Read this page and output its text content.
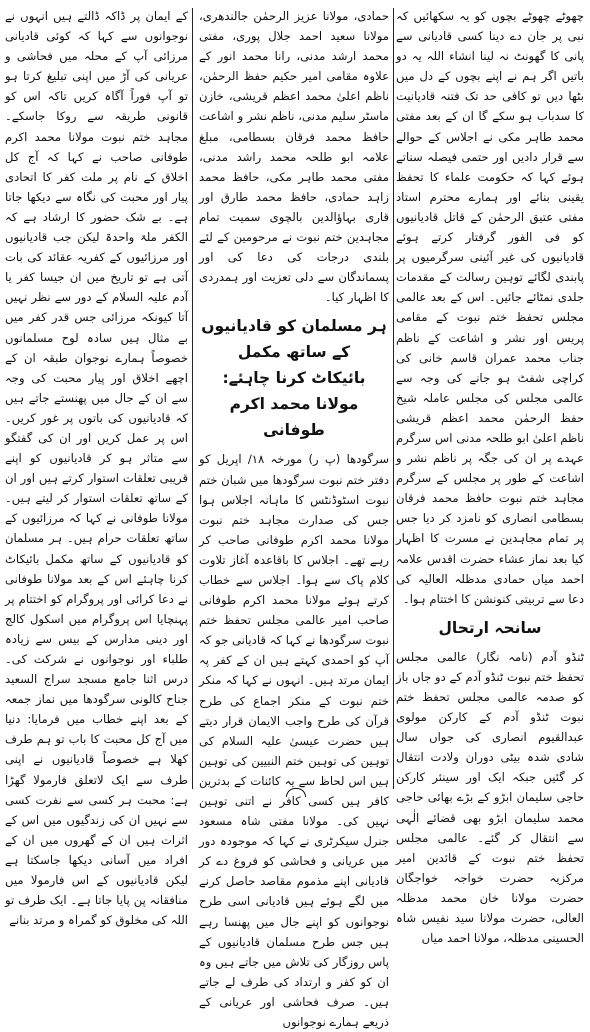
چھوٹے چھوٹے بچوں کو یہ سکھائیں کہ نبی پر جان دے دینا کسی قادیانی سے پانی کا گھونٹ نہ لینا انشاء اللہ یہ دو باتیں اگر ہم نے اپنے بچوں کے دل میں بٹھا دیں تو کافی حد تک فتنہ قادیانیت کا سدباب ہو سکے گا ان کے بعد مفتی محمد طاہر مکی نے اجلاس کے حوالے سے قرار دادیں اور حتمی فیصلہ سناتے ہوئے کہا کہ حکومت علماء کا تحفظ یقینی بنائے اور ہمارے محترم استاد مفتی عتیق الرحمٰن کے قاتل قادیانیوں کو فی الفور گرفتار کرتے ہوئے قادیانیوں کی غیر آئینی سرگرمیوں پر پابندی لگائے توہین رسالت کے مقدمات جلدی نمٹائے جائیں۔ اس کے بعد عالمی مجلس تحفظ ختم نبوت کے مقامی پریس اور نشر و اشاعت کے ناظم جناب محمد عمران قاسم خانی کی کراچی شفٹ ہو جانے کی وجہ سے عالمی مجلس کی مجلس عاملہ شیخ حفظ الرحمٰن محمد اعظم قریشی ناظم اعلیٰ ابو طلحہ مدنی اس سرگرم عہدے پر ان کی جگہ پر ناظم نشر و اشاعت کے طور پر مجلس کے سرگرم مجاہد ختم نبوت حافظ محمد فرقان بسطامی انصاری کو نامزد کر دیا جس پر تمام مجاہدین نے مسرت کا اظہار کیا بعد نماز عشاء حضرت اقدس علامہ احمد میاں حمادی مدظلہ العالیہ کی دعا سے تربیتی کنونشن کا اختتام ہوا۔

سانحہ ارتحال

ٹنڈو آدم (نامہ نگار) عالمی مجلس تحفظ ختم نبوت ٹنڈو آدم کے دو جاں باز کو صدمہ عالمی مجلس تحفظ ختم نبوت ٹنڈو آدم کے کارکن مولوی عبدالقیوم انصاری کی جواں سال شادی شدہ بیٹی دوران ولادت انتقال کر گئیں جبکہ ایک اور سینئر کارکن حاجی سلیمان ابڑو کے بڑے بھائی حاجی محمد سلیمان ابڑو بھی قضائے الٰہی سے انتقال کر گئے۔ عالمی مجلس تحفظ ختم نبوت کے قائدین امیر مرکزیہ حضرت خواجہ خواجگان حضرت مولانا خان محمد مدظلہ العالی، حضرت مولانا سید نفیس شاہ الحسینی مدظلہ، مولانا احمد میاں

حمادی، مولانا عزیز الرحمٰن جالندھری، مولانا سعید احمد جلال پوری، مفتی محمد ارشد مدنی، رانا محمد انور کے علاوہ مقامی امیر حکیم حفظ الرحمٰن، ناظم اعلیٰ محمد اعظم قریشی، خازن ماسٹر سلیم مدنی، ناظم نشر و اشاعت حافظ محمد فرقان بسطامی، مبلغ علامہ ابو طلحہ محمد راشد مدنی، مفتی محمد طاہر مکی، حافظ محمد زاہد حمادی، حافظ محمد طارق اور قاری بہاؤالدین بالچوی سمیت تمام مجاہدین ختم نبوت نے مرحومین کے لئے بلندی درجات کی دعا کی اور پسماندگان سے دلی تعزیت اور ہمدردی کا اظہار کیا۔

ہر مسلمان کو قادیانیوں کے ساتھ مکمل
بائیکاٹ کرنا چاہئے: مولانا محمد اکرم طوفانی

سرگودھا (پ ر) مورخہ ۱۸/ اپریل کو دفتر ختم نبوت سرگودھا میں شبان ختم نبوت اسٹوڈنٹس کا ماہانہ اجلاس ہوا جس کی صدارت مجاہد ختم نبوت مولانا محمد اکرم طوفانی صاحب کر رہے تھے۔ اجلاس کا باقاعدہ آغاز تلاوت کلام پاک سے ہوا۔ اجلاس سے خطاب کرتے ہوئے مولانا محمد اکرم طوفانی صاحب امیر عالمی مجلس تحفظ ختم نبوت سرگودھا نے کہا کہ قادیانی جو کہ آپ کو احمدی کہتے ہیں ان کے کفر پہ ایمان مرتد ہیں۔ انہوں نے کہا کہ منکر ختم نبوت کے منکر اجماع کی طرح قرآن کی طرح واجب الایمان قرار دیتے ہیں حضرت عیسیٰ علیہ السلام کی توہین کی توہین ختم النبیین کی توہین ہیں اس لحاظ سے یہ کائنات کے بدترین کافر ہیں کسی کافر نے اتنی توہین نہیں کی۔ مولانا مفتی شاہ مسعود جنرل سیکرٹری نے کہا کہ موجودہ دور میں عریانی و فحاشی کو فروغ دے کر قادیانی اپنے مذموم مقاصد حاصل کرنے میں لگے ہوئے ہیں قادیانی اسی طرح نوجوانوں کو اپنے جال میں پھنسا رہے ہیں جس طرح مسلمان قادیانیوں کے پاس روزگار کی تلاش میں جاتے ہیں وہ ان کو کفر و ارتداد کی طرف لے جاتے ہیں۔ صرف فحاشی اور عریانی کے ذریعے ہمارے نوجوانوں

کے ایمان پر ڈاکہ ڈالتے ہیں انہوں نے نوجوانوں سے کہا کہ کوئی قادیانی مرزائی آپ کے محلہ میں فحاشی و عریانی کی آڑ میں اپنی تبلیغ کرتا ہو تو آپ فوراً آگاہ کریں تاکہ اس کو قانونی طریقہ سے روکا جاسکے۔ مجاہد ختم نبوت مولانا محمد اکرم طوفانی صاحب نے کہا کہ آج کل اخلاق کے نام پر ملت کفر کا اتحادی پیار اور محبت کی نگاہ سے دیکھا جاتا ہے۔ بے شک حضور کا ارشاد ہے کہ الکفر ملۃ واحدۃ لیکن جب قادیانیوں اور مرزائیوں کے کفریہ عقائد کی بات آتی ہے تو تاریخ میں ان جیسا کفر یا آدم علیہ السلام کے دور سے نظر نہیں آتا کیونکہ مرزائی جس قدر کفر میں بے مثال ہیں سادہ لوح مسلمانوں خصوصاً ہمارے نوجوان طبقہ ان کے اچھے اخلاق اور پیار محبت کی وجہ سے ان کے جال میں پھنستے جاتے ہیں کہ قادیانیوں کی باتوں پر غور کریں۔ اس پر عمل کریں اور ان کی گفتگو سے متاثر ہو کر قادیانیوں کو اپنے قریبی تعلقات استوار کرتے ہیں اور ان کے ساتھ تعلقات استوار کر لیتے ہیں۔ مولانا طوفانی نے کہا کہ مرزائیوں کے ساتھ تعلقات حرام ہیں۔ ہر مسلمان کو قادیانیوں کے ساتھ مکمل بائیکاٹ کرنا چاہئے اس کے بعد مولانا طوفانی نے دعا کرائی اور پروگرام کو اختتام پر پہنچایا اس پروگرام میں اسکول کالج اور دینی مدارس کے بیس سے زیادہ طلباء اور نوجوانوں نے شرکت کی۔ درس اثنا جامع مسجد سراج السعید جناح کالونی سرگودھا میں نماز جمعہ کے بعد اپنے خطاب میں فرمایا: دنیا میں آج کل محبت کا باب تو ہم طرف کھلا ہے خصوصاً قادیانیوں نے اپنی طرف سے ایک لاتعلق فارمولا گھڑا ہے: محبت ہر کسی سے نفرت کسی سے نہیں ان کی زندگیوں میں اس کے اثرات ہیں ان کے گھروں میں ان کے افراد میں آسانی دیکھا جاسکتا ہے لیکن قادیانیوں کے اس فارمولا میں منافقانہ پن پایا جاتا ہے۔ ایک طرف تو اللہ کی مخلوق کو گمراہ و مرتد بنانے
